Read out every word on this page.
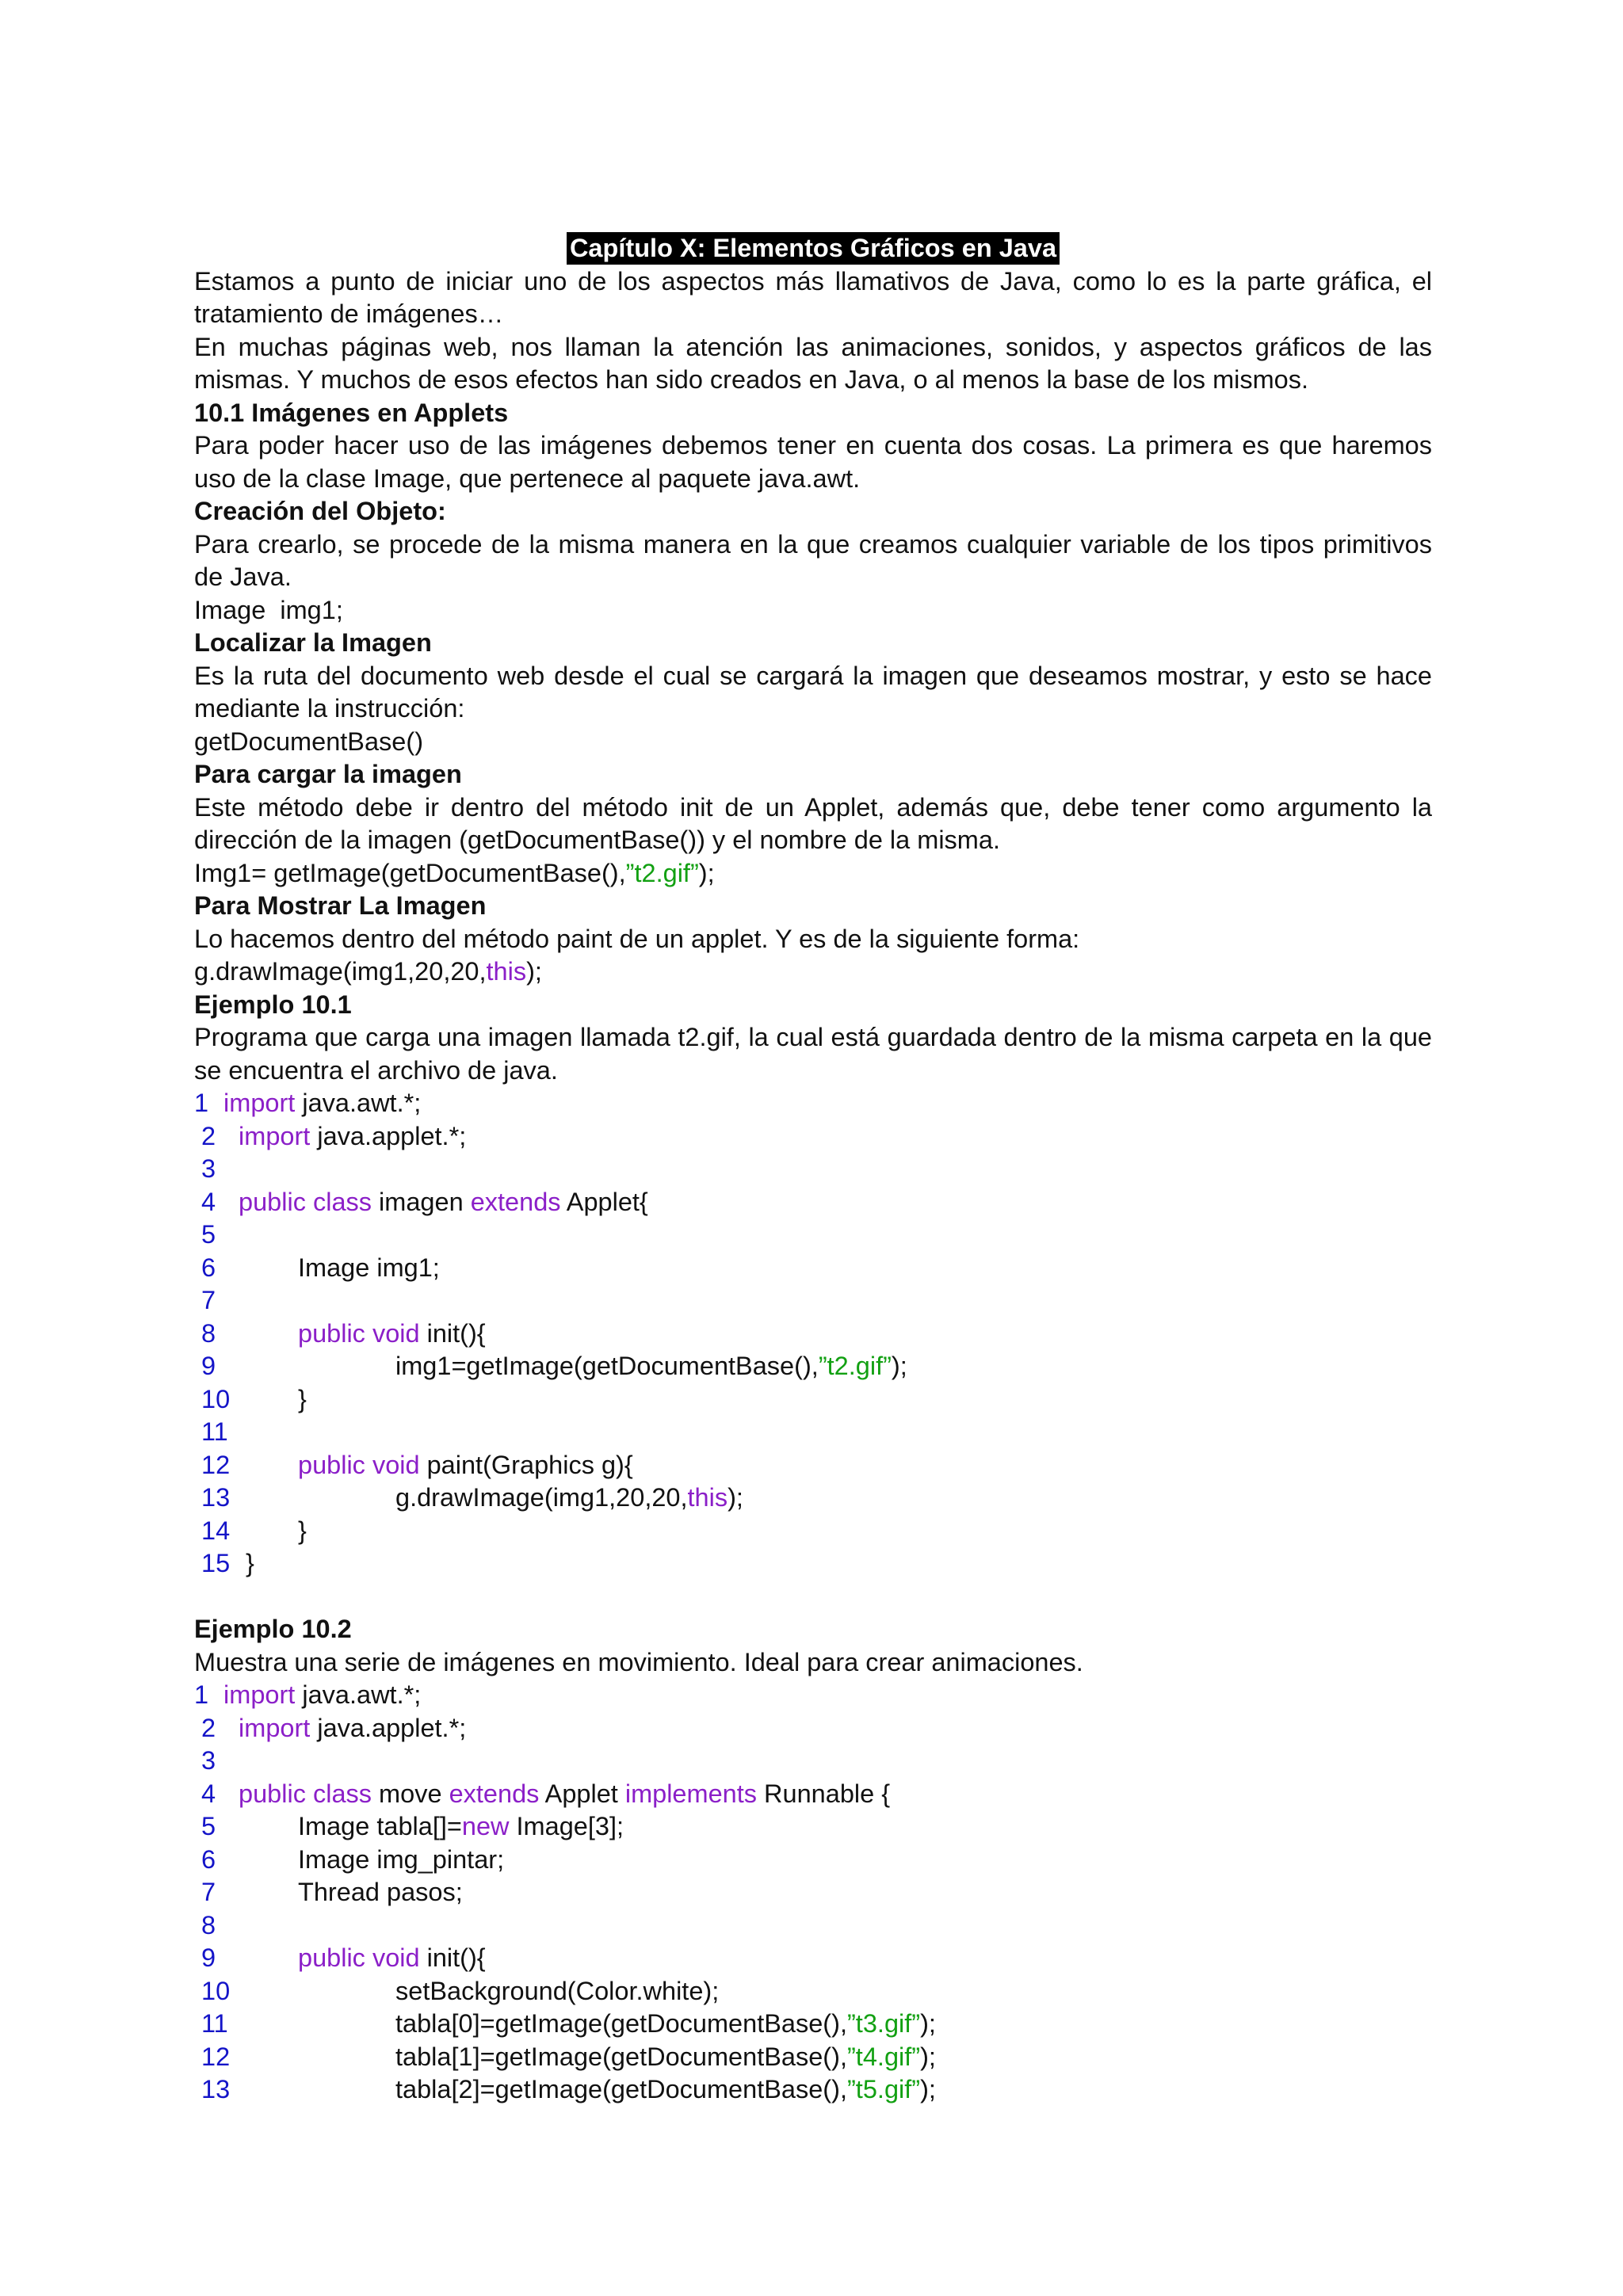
Capítulo X: Elementos Gráficos en Java
Estamos a punto de iniciar uno de los aspectos más llamativos de Java, como lo es la parte gráfica, el tratamiento de imágenes…
En muchas páginas web, nos llaman la atención las animaciones, sonidos, y aspectos gráficos de las mismas. Y muchos de esos efectos han sido creados en Java, o al menos la base de los mismos.
10.1 Imágenes en Applets
Para poder hacer uso de las imágenes debemos tener en cuenta dos cosas. La primera es que haremos uso de la clase Image, que pertenece al paquete java.awt.
Creación del Objeto:
Para crearlo, se procede de la misma manera en la que creamos cualquier variable de los tipos primitivos de Java.
Image  img1;
Localizar la Imagen
Es la ruta del documento web desde el cual se cargará la imagen que deseamos mostrar, y esto se hace mediante la instrucción:
getDocumentBase()
Para cargar la imagen
Este método debe ir dentro del método init de un Applet, además que, debe tener como argumento la dirección de la imagen (getDocumentBase()) y el nombre de la misma.
Img1= getImage(getDocumentBase(),”t2.gif”);
Para Mostrar La Imagen
Lo hacemos dentro del método paint de un applet. Y es de la siguiente forma:
g.drawImage(img1,20,20,this);
Ejemplo 10.1
Programa que carga una imagen llamada t2.gif, la cual está guardada dentro de la misma carpeta en la que se encuentra el archivo de java.
1 import java.awt.*;
2 import java.applet.*;
3
4 public class imagen extends Applet{
5
6	Image img1;
7
8	public void init(){
9	img1=getImage(getDocumentBase(),”t2.gif”);
10	}
11
12	public void paint(Graphics g){
13	g.drawImage(img1,20,20,this);
14	}
15  }
Ejemplo 10.2
Muestra una serie de imágenes en movimiento. Ideal para crear animaciones.
1 import java.awt.*;
2 import java.applet.*;
3
4 public class move extends Applet implements Runnable {
5	Image tabla[]=new Image[3];
6	Image img_pintar;
7	Thread pasos;
8
9	public void init(){
10	setBackground(Color.white);
11	tabla[0]=getImage(getDocumentBase(),”t3.gif”);
12	tabla[1]=getImage(getDocumentBase(),”t4.gif”);
13	tabla[2]=getImage(getDocumentBase(),”t5.gif”);
